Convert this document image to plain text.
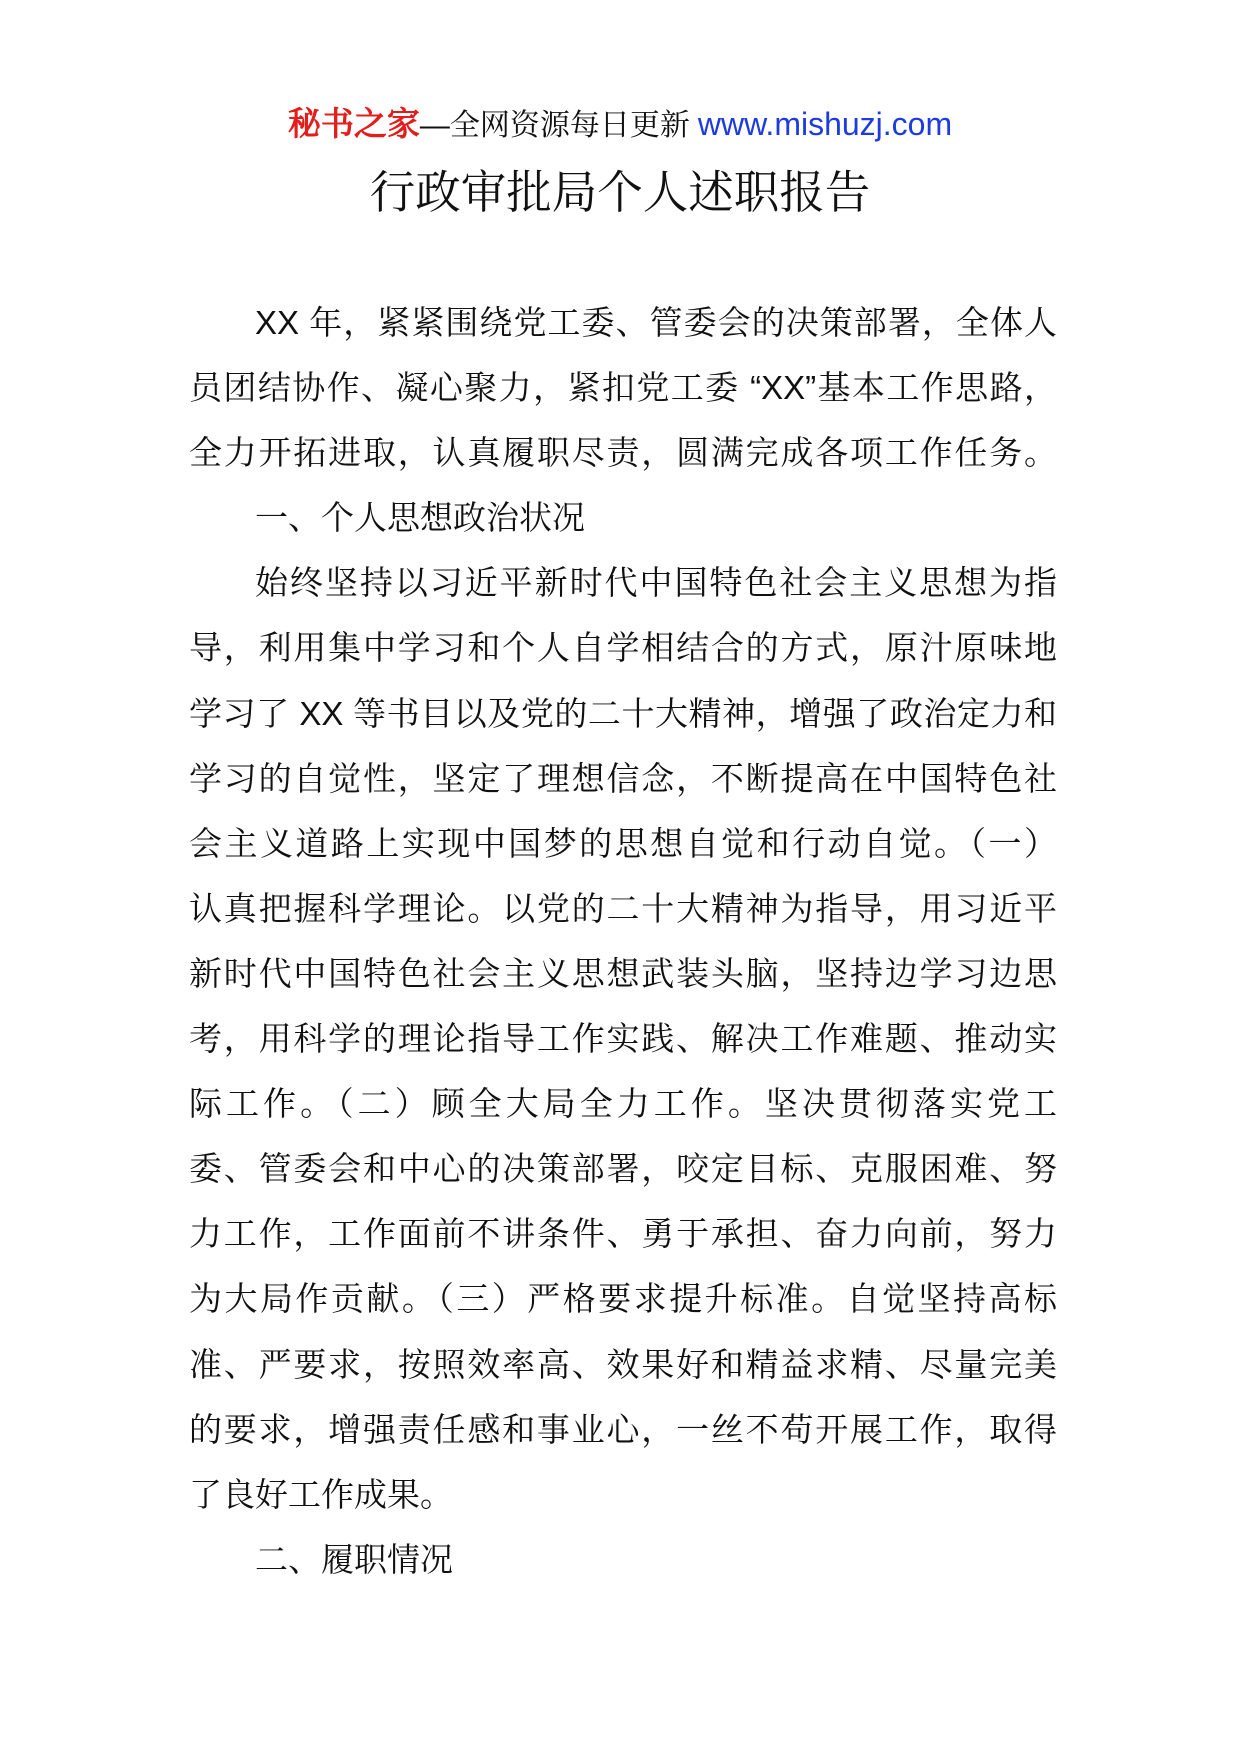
秘书之家—全网资源每日更新 www.mishuzj.com
行政审批局个人述职报告
XX 年，紧紧围绕党工委、管委会的决策部署，全体人
员团结协作、凝心聚力，紧扣党工委 “XX”基本工作思路，
全力开拓进取，认真履职尽责，圆满完成各项工作任务。
一、个人思想政治状况
始终坚持以习近平新时代中国特色社会主义思想为指
导，利用集中学习和个人自学相结合的方式，原汁原味地
学习了 XX 等书目以及党的二十大精神，增强了政治定力和
学习的自觉性，坚定了理想信念，不断提高在中国特色社
会主义道路上实现中国梦的思想自觉和行动自觉。（一）
认真把握科学理论。以党的二十大精神为指导，用习近平
新时代中国特色社会主义思想武装头脑，坚持边学习边思
考，用科学的理论指导工作实践、解决工作难题、推动实
际工作。（二）顾全大局全力工作。坚决贯彻落实党工
委、管委会和中心的决策部署，咬定目标、克服困难、努
力工作，工作面前不讲条件、勇于承担、奋力向前，努力
为大局作贡献。（三）严格要求提升标准。自觉坚持高标
准、严要求，按照效率高、效果好和精益求精、尽量完美
的要求，增强责任感和事业心，一丝不苟开展工作，取得
了良好工作成果。
二、履职情况
